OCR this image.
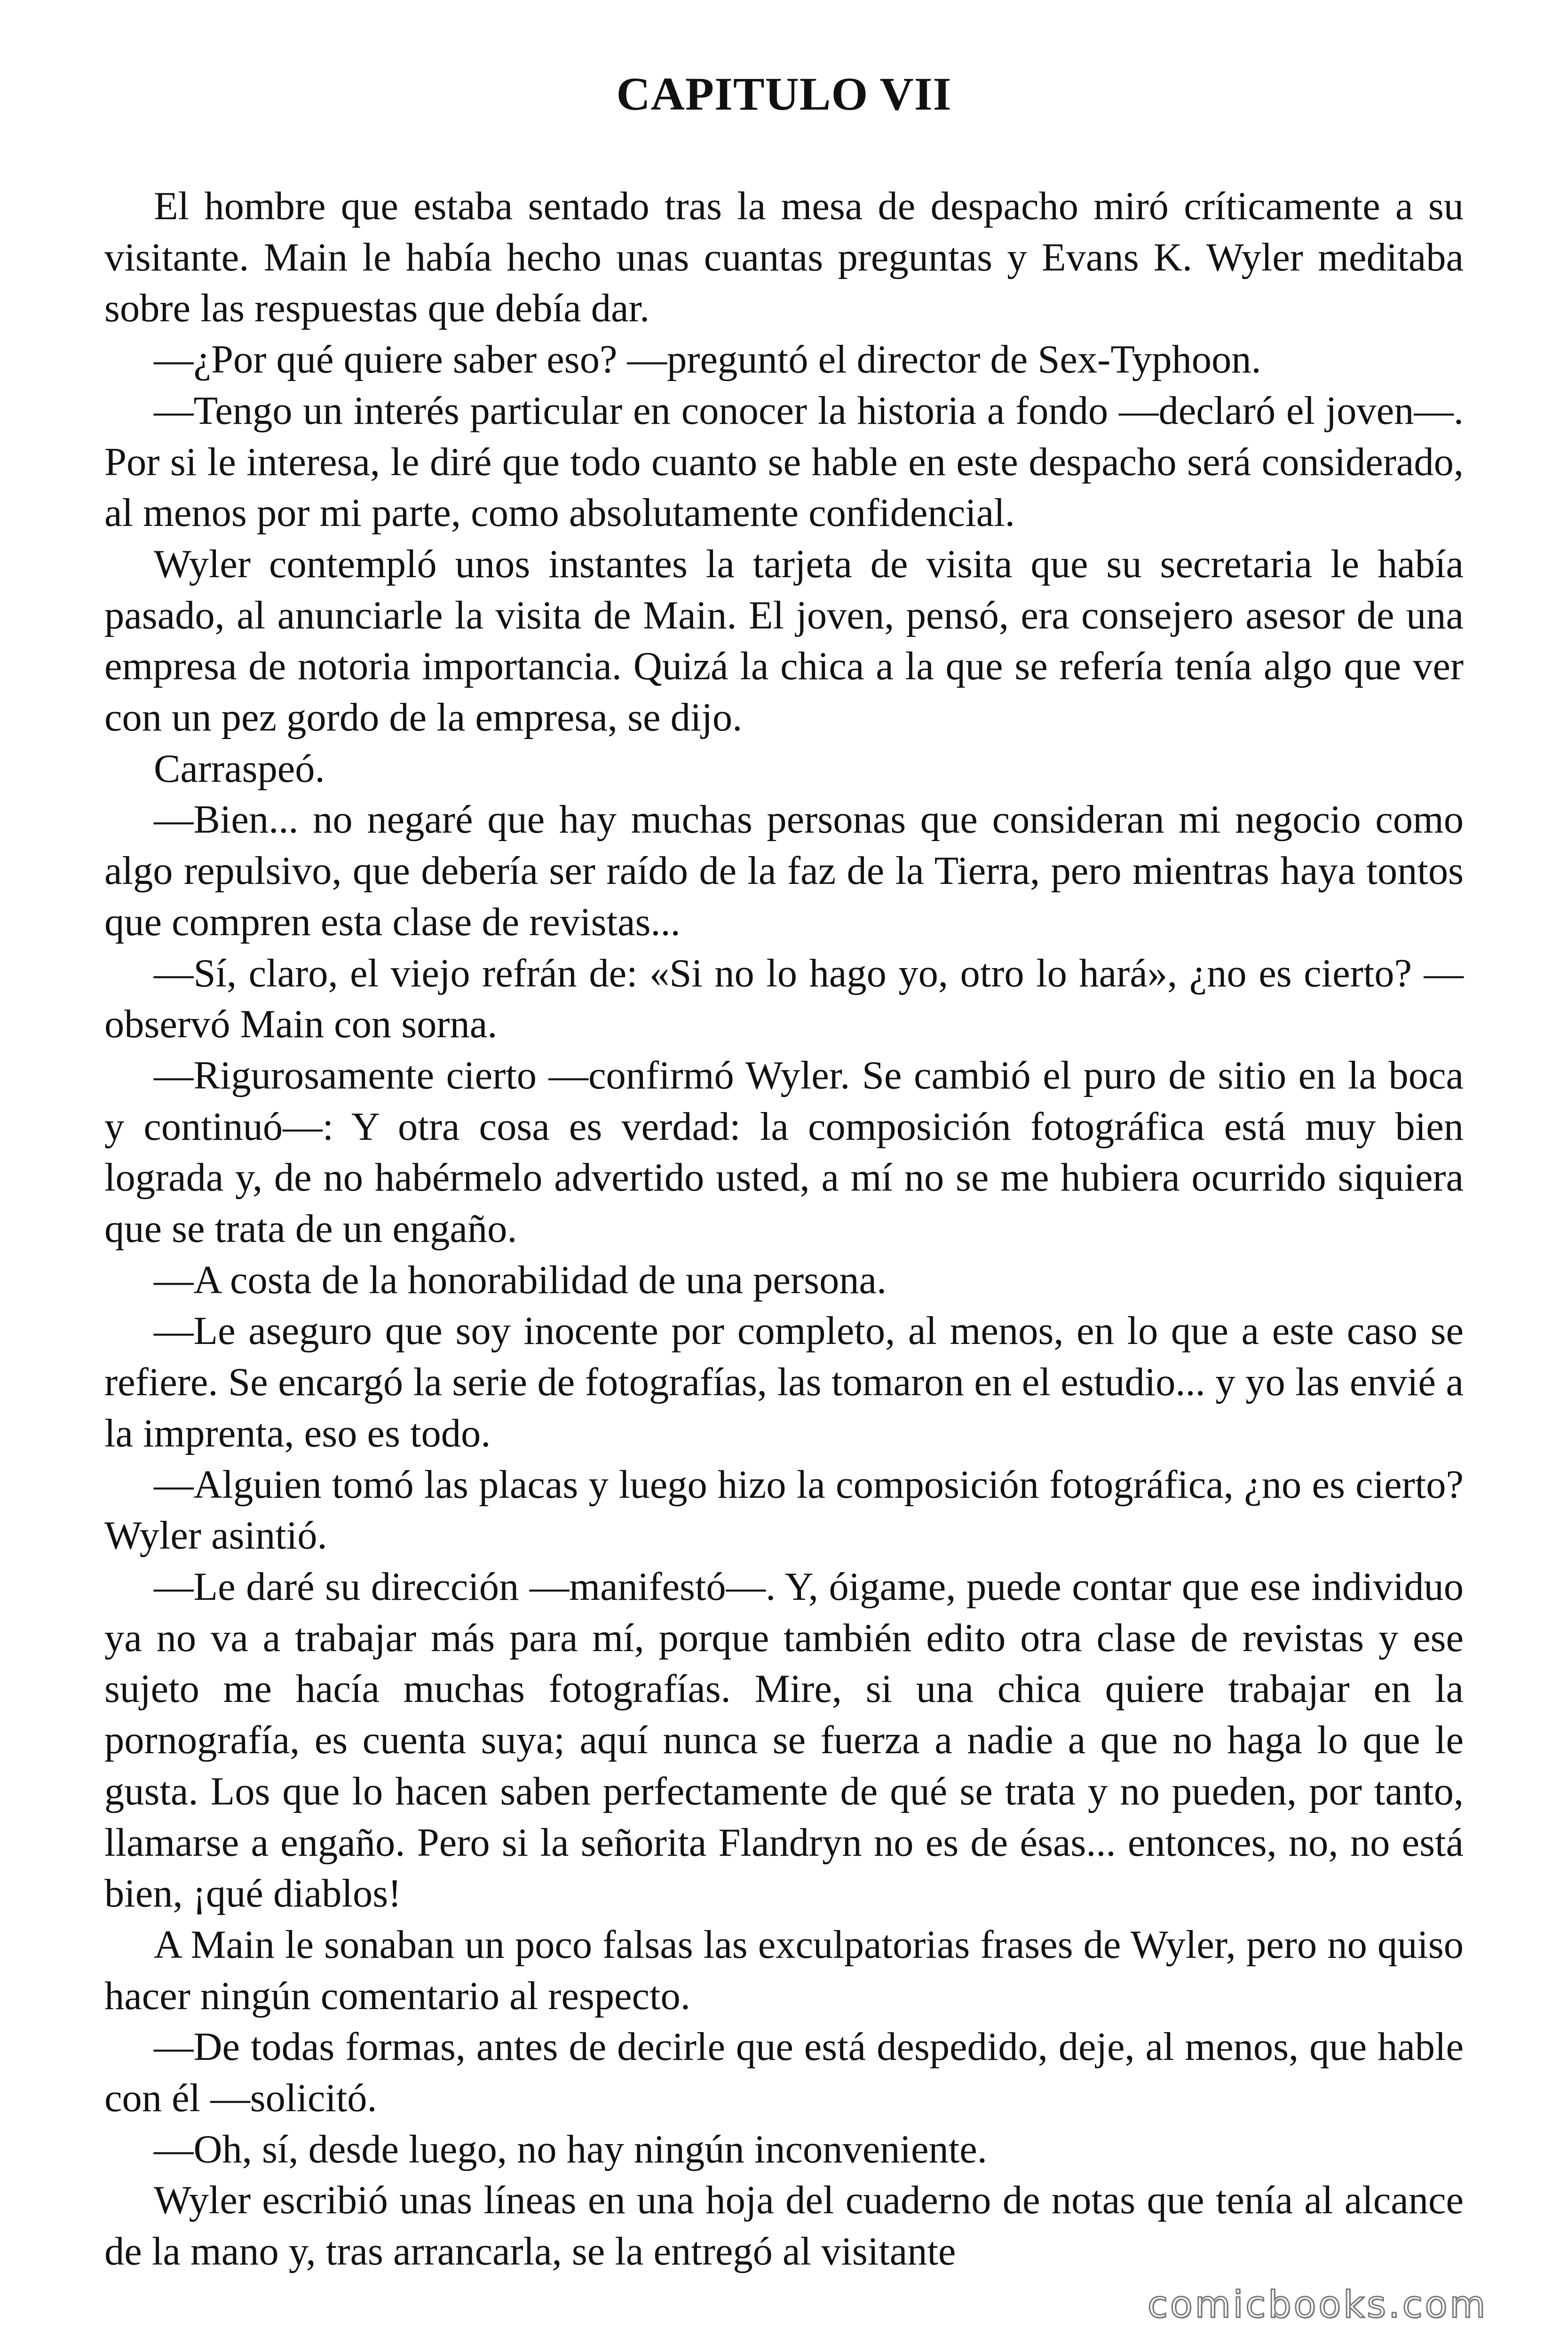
CAPITULO VII

El hombre que estaba sentado tras la mesa de despacho miró críticamente a su visitante. Main le había hecho unas cuantas preguntas y Evans K. Wyler meditaba sobre las respuestas que debía dar.

—¿Por qué quiere saber eso? —preguntó el director de Sex-Typhoon.

—Tengo un interés particular en conocer la historia a fondo —declaró el joven—. Por si le interesa, le diré que todo cuanto se hable en este despacho será considerado, al menos por mi parte, como absolutamente confidencial.

Wyler contempló unos instantes la tarjeta de visita que su secretaria le había pasado, al anunciarle la visita de Main. El joven, pensó, era consejero asesor de una empresa de notoria importancia. Quizá la chica a la que se refería tenía algo que ver con un pez gordo de la empresa, se dijo.

Carraspeó.

—Bien... no negaré que hay muchas personas que consideran mi negocio como algo repulsivo, que debería ser raído de la faz de la Tierra, pero mientras haya tontos que compren esta clase de revistas...

—Sí, claro, el viejo refrán de: «Si no lo hago yo, otro lo hará», ¿no es cierto? —observó Main con sorna.

—Rigurosamente cierto —confirmó Wyler. Se cambió el puro de sitio en la boca y continuó—: Y otra cosa es verdad: la composición fotográfica está muy bien lograda y, de no habérmelo advertido usted, a mí no se me hubiera ocurrido siquiera que se trata de un engaño.

—A costa de la honorabilidad de una persona.

—Le aseguro que soy inocente por completo, al menos, en lo que a este caso se refiere. Se encargó la serie de fotografías, las tomaron en el estudio... y yo las envié a la imprenta, eso es todo.

—Alguien tomó las placas y luego hizo la composición fotográfica, ¿no es cierto? Wyler asintió.

—Le daré su dirección —manifestó—. Y, óigame, puede contar que ese individuo ya no va a trabajar más para mí, porque también edito otra clase de revistas y ese sujeto me hacía muchas fotografías. Mire, si una chica quiere trabajar en la pornografía, es cuenta suya; aquí nunca se fuerza a nadie a que no haga lo que le gusta. Los que lo hacen saben perfectamente de qué se trata y no pueden, por tanto, llamarse a engaño. Pero si la señorita Flandryn no es de ésas... entonces, no, no está bien, ¡qué diablos!

A Main le sonaban un poco falsas las exculpatorias frases de Wyler, pero no quiso hacer ningún comentario al respecto.

—De todas formas, antes de decirle que está despedido, deje, al menos, que hable con él —solicitó.

—Oh, sí, desde luego, no hay ningún inconveniente.

Wyler escribió unas líneas en una hoja del cuaderno de notas que tenía al alcance de la mano y, tras arrancarla, se la entregó al visitante

comicbooks.com
